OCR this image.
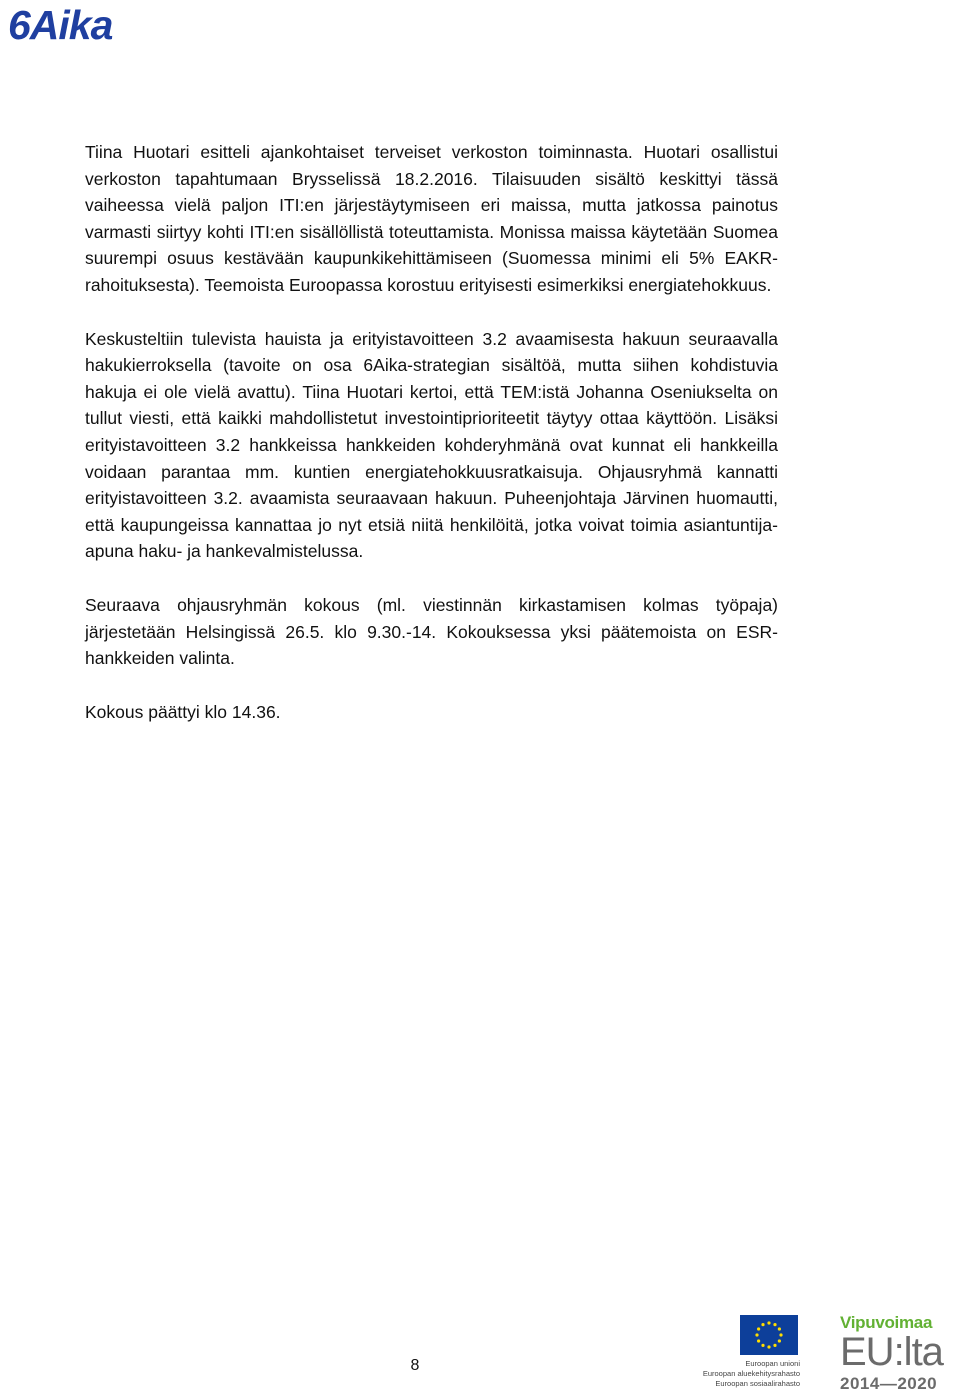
6Aika

Tiina Huotari esitteli ajankohtaiset terveiset verkoston toiminnasta. Huotari osallistui verkoston tapahtumaan Brysselissä 18.2.2016. Tilaisuuden sisältö keskittyi tässä vaiheessa vielä paljon ITI:en järjestäytymiseen eri maissa, mutta jatkossa painotus varmasti siirtyy kohti ITI:en sisällöllistä toteuttamista. Monissa maissa käytetään Suomea suurempi osuus kestävään kaupunkikehittämiseen (Suomessa minimi eli 5% EAKR-rahoituksesta). Teemoista Euroopassa korostuu erityisesti esimerkiksi energiatehokkuus.

Keskusteltiin tulevista hauista ja erityistavoitteen 3.2 avaamisesta hakuun seuraavalla hakukierroksella (tavoite on osa 6Aika-strategian sisältöä, mutta siihen kohdistuvia hakuja ei ole vielä avattu). Tiina Huotari kertoi, että TEM:istä Johanna Oseniukselta on tullut viesti, että kaikki mahdollistetut investointiprioriteetit täytyy ottaa käyttöön. Lisäksi erityistavoitteen 3.2 hankkeissa hankkeiden kohderyhmänä ovat kunnat eli hankkeilla voidaan parantaa mm. kuntien energiatehokkuusratkaisuja. Ohjausryhmä kannatti erityistavoitteen 3.2. avaamista seuraavaan hakuun. Puheenjohtaja Järvinen huomautti, että kaupungeissa kannattaa jo nyt etsiä niitä henkilöitä, jotka voivat toimia asiantuntija-apuna haku- ja hankevalmistelussa.

Seuraava ohjausryhmän kokous (ml. viestinnän kirkastamisen kolmas työpaja) järjestetään Helsingissä 26.5. klo 9.30.-14. Kokouksessa yksi päätemoista on ESR-hankkeiden valinta.

Kokous päättyi klo 14.36.

8	Euroopan unioni
Euroopan aluekehitysrahasto
Euroopan sosiaalirahasto
Vipuvoimaa
EU:lta
2014—2020
